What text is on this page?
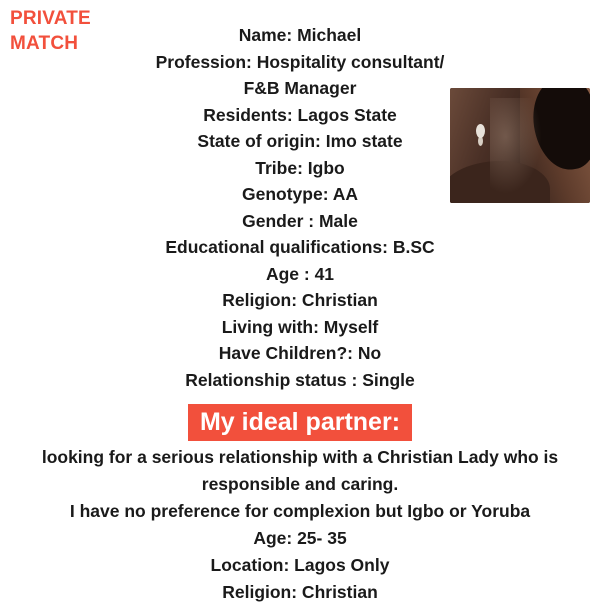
PRIVATE
MATCH	Name: Michael
Profession: Hospitality consultant/
F&B Manager
Residents: Lagos State
State of origin: Imo state
Tribe: Igbo
Genotype: AA
Gender : Male
Educational qualifications: B.SC
Age : 41
Religion: Christian
Living with: Myself
Have Children?: No
Relationship status : Single
My ideal partner:
looking for a serious relationship with a Christian Lady who is
responsible and caring.
I have no preference for complexion but Igbo or Yoruba
Age: 25- 35
Location: Lagos Only
Religion: Christian
